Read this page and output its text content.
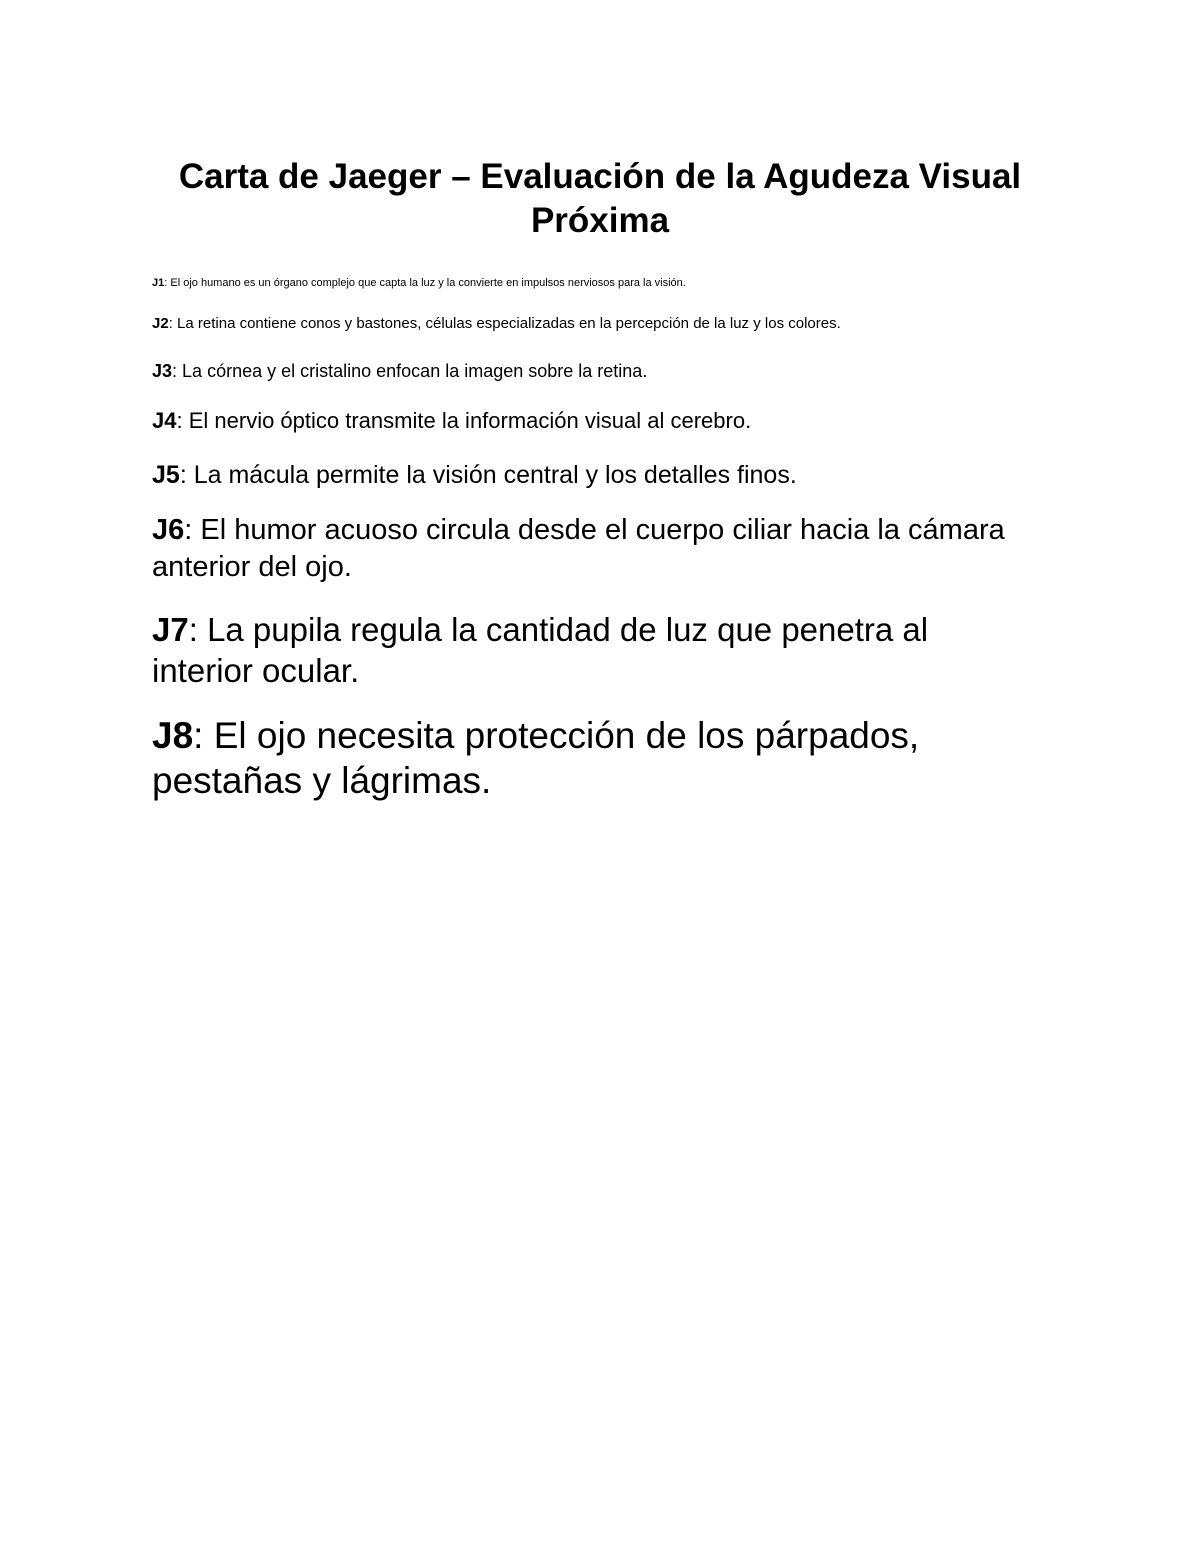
Carta de Jaeger – Evaluación de la Agudeza Visual Próxima

J1: El ojo humano es un órgano complejo que capta la luz y la convierte en impulsos nerviosos para la visión.

J2: La retina contiene conos y bastones, células especializadas en la percepción de la luz y los colores.

J3: La córnea y el cristalino enfocan la imagen sobre la retina.

J4: El nervio óptico transmite la información visual al cerebro.

J5: La mácula permite la visión central y los detalles finos.

J6: El humor acuoso circula desde el cuerpo ciliar hacia la cámara anterior del ojo.

J7: La pupila regula la cantidad de luz que penetra al interior ocular.

J8: El ojo necesita protección de los párpados, pestañas y lágrimas.
